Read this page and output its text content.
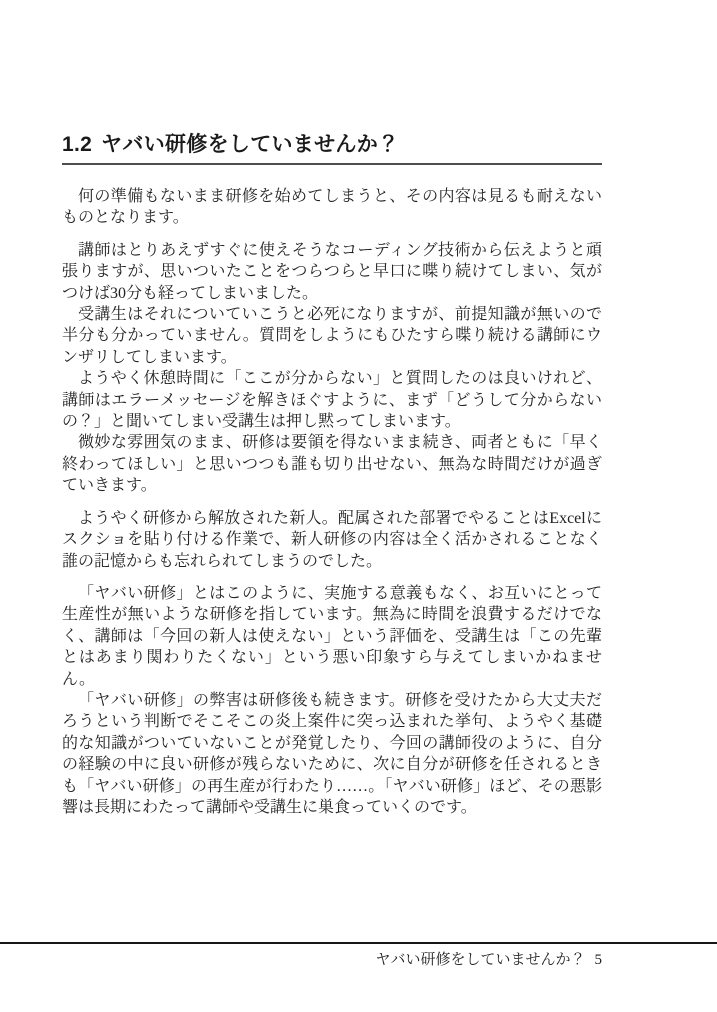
1.2 ヤバい研修をしていませんか？

何の準備もないまま研修を始めてしまうと、その内容は見るも耐えないものとなります。

講師はとりあえずすぐに使えそうなコーディング技術から伝えようと頑張りますが、思いついたことをつらつらと早口に喋り続けてしまい、気がつけば30分も経ってしまいました。

受講生はそれについていこうと必死になりますが、前提知識が無いので半分も分かっていません。質問をしようにもひたすら喋り続ける講師にウンザリしてしまいます。

ようやく休憩時間に「ここが分からない」と質問したのは良いけれど、講師はエラーメッセージを解きほぐすように、まず「どうして分からないの？」と聞いてしまい受講生は押し黙ってしまいます。

微妙な雰囲気のまま、研修は要領を得ないまま続き、両者ともに「早く終わってほしい」と思いつつも誰も切り出せない、無為な時間だけが過ぎていきます。

ようやく研修から解放された新人。配属された部署でやることはExcelにスクショを貼り付ける作業で、新人研修の内容は全く活かされることなく誰の記憶からも忘れられてしまうのでした。

「ヤバい研修」とはこのように、実施する意義もなく、お互いにとって生産性が無いような研修を指しています。無為に時間を浪費するだけでなく、講師は「今回の新人は使えない」という評価を、受講生は「この先輩とはあまり関わりたくない」という悪い印象すら与えてしまいかねません。

「ヤバい研修」の弊害は研修後も続きます。研修を受けたから大丈夫だろうという判断でそこそこの炎上案件に突っ込まれた挙句、ようやく基礎的な知識がついていないことが発覚したり、今回の講師役のように、自分の経験の中に良い研修が残らないために、次に自分が研修を任されるときも「ヤバい研修」の再生産が行わたり……。「ヤバい研修」ほど、その悪影響は長期にわたって講師や受講生に巣食っていくのです。

ヤバい研修をしていませんか？ 5
